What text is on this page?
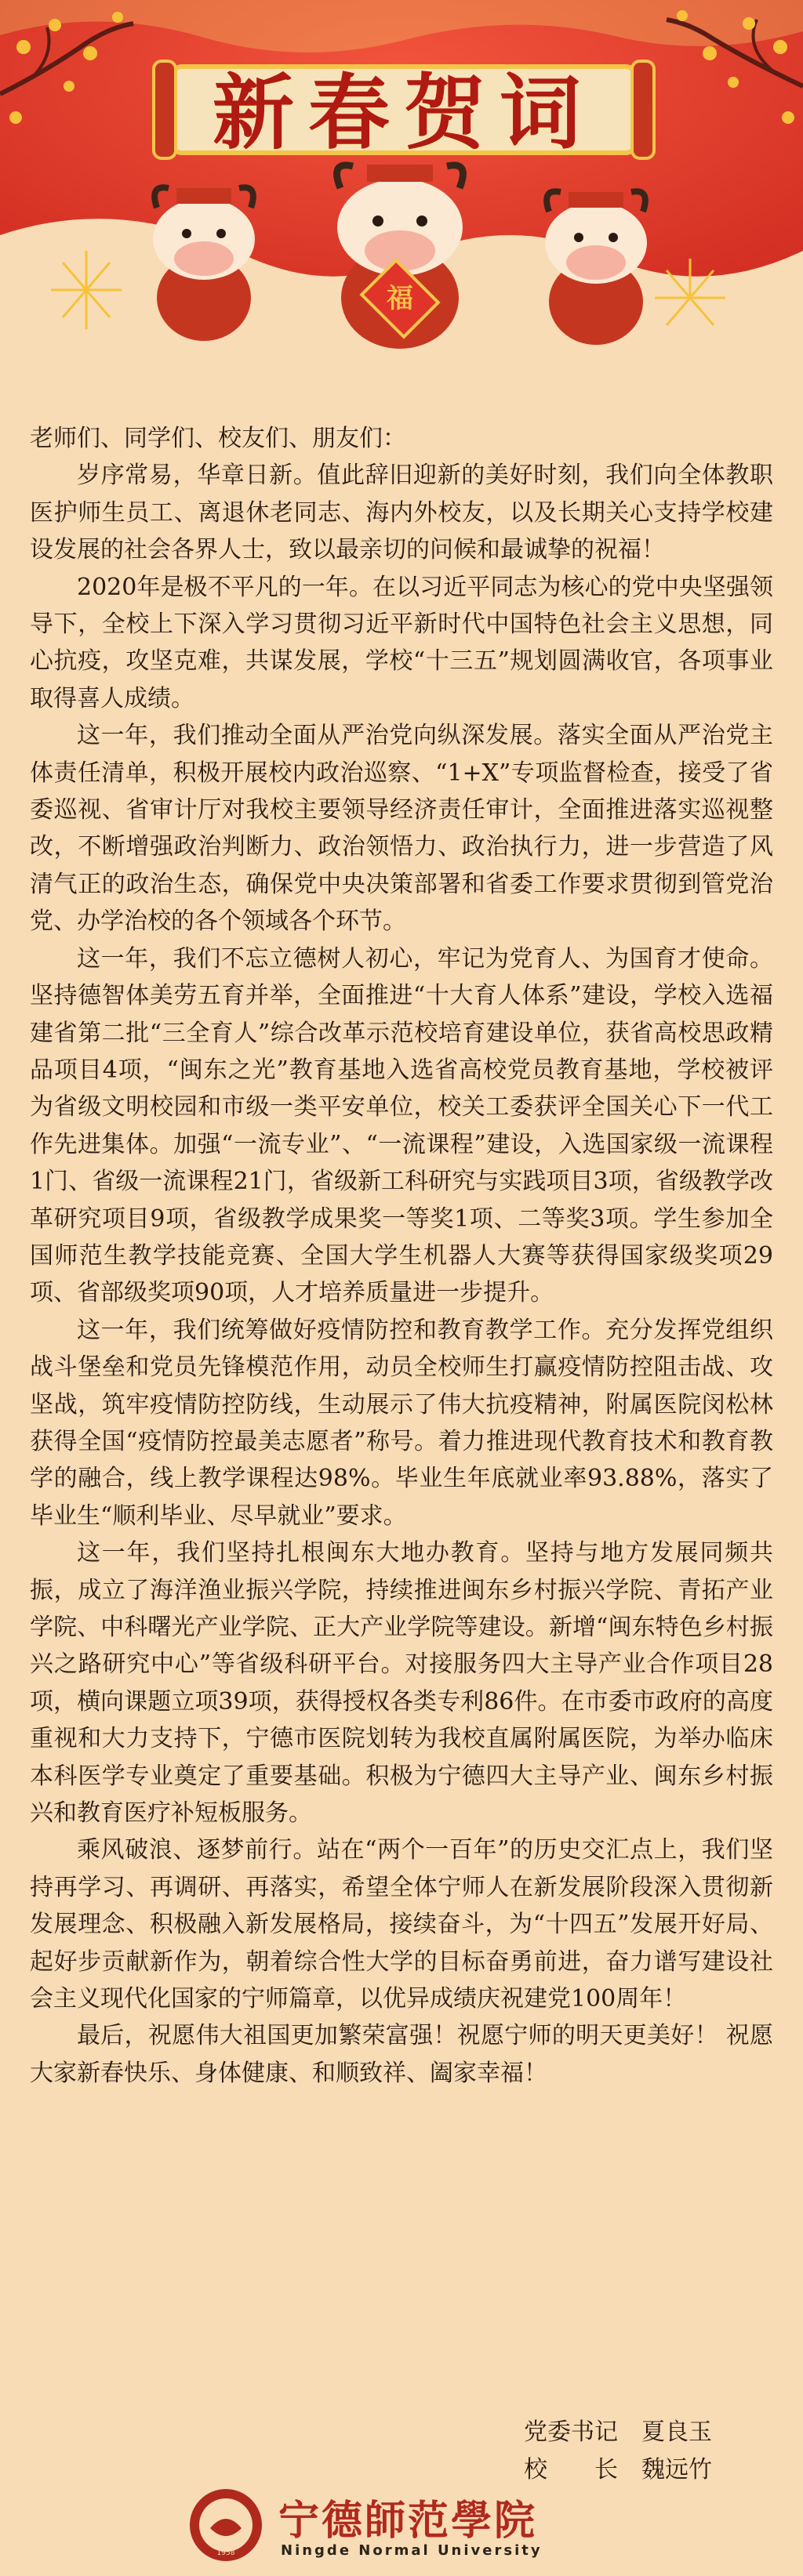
福
新春贺词

老师们、同学们、校友们、朋友们：

岁序常易，华章日新。值此辞旧迎新的美好时刻，我们向全体教职医护师生员工、离退休老同志、海内外校友，以及长期关心支持学校建设发展的社会各界人士，致以最亲切的问候和最诚挚的祝福！

2020年是极不平凡的一年。在以习近平同志为核心的党中央坚强领导下，全校上下深入学习贯彻习近平新时代中国特色社会主义思想，同心抗疫，攻坚克难，共谋发展，学校“十三五”规划圆满收官，各项事业取得喜人成绩。

这一年，我们推动全面从严治党向纵深发展。落实全面从严治党主体责任清单，积极开展校内政治巡察、“1+X”专项监督检查，接受了省委巡视、省审计厅对我校主要领导经济责任审计，全面推进落实巡视整改，不断增强政治判断力、政治领悟力、政治执行力，进一步营造了风清气正的政治生态，确保党中央决策部署和省委工作要求贯彻到管党治党、办学治校的各个领域各个环节。

这一年，我们不忘立德树人初心，牢记为党育人、为国育才使命。坚持德智体美劳五育并举，全面推进“十大育人体系”建设，学校入选福建省第二批“三全育人”综合改革示范校培育建设单位，获省高校思政精品项目4项，“闽东之光”教育基地入选省高校党员教育基地，学校被评为省级文明校园和市级一类平安单位，校关工委获评全国关心下一代工作先进集体。加强“一流专业”、“一流课程”建设，入选国家级一流课程1门、省级一流课程21门，省级新工科研究与实践项目3项，省级教学改革研究项目9项，省级教学成果奖一等奖1项、二等奖3项。学生参加全国师范生教学技能竞赛、全国大学生机器人大赛等获得国家级奖项29项、省部级奖项90项，人才培养质量进一步提升。

这一年，我们统筹做好疫情防控和教育教学工作。充分发挥党组织战斗堡垒和党员先锋模范作用，动员全校师生打赢疫情防控阻击战、攻坚战，筑牢疫情防控防线，生动展示了伟大抗疫精神，附属医院闵松林获得全国“疫情防控最美志愿者”称号。着力推进现代教育技术和教育教学的融合，线上教学课程达98%。毕业生年底就业率93.88%，落实了毕业生“顺利毕业、尽早就业”要求。

这一年，我们坚持扎根闽东大地办教育。坚持与地方发展同频共振，成立了海洋渔业振兴学院，持续推进闽东乡村振兴学院、青拓产业学院、中科曙光产业学院、正大产业学院等建设。新增“闽东特色乡村振兴之路研究中心”等省级科研平台。对接服务四大主导产业合作项目28项，横向课题立项39项，获得授权各类专利86件。在市委市政府的高度重视和大力支持下，宁德市医院划转为我校直属附属医院，为举办临床本科医学专业奠定了重要基础。积极为宁德四大主导产业、闽东乡村振兴和教育医疗补短板服务。

乘风破浪、逐梦前行。站在“两个一百年”的历史交汇点上，我们坚持再学习、再调研、再落实，希望全体宁师人在新发展阶段深入贯彻新发展理念、积极融入新发展格局，接续奋斗，为“十四五”发展开好局、起好步贡献新作为，朝着综合性大学的目标奋勇前进，奋力谱写建设社会主义现代化国家的宁师篇章，以优异成绩庆祝建党100周年！

最后，祝愿伟大祖国更加繁荣富强！祝愿宁师的明天更美好！ 祝愿大家新春快乐、身体健康、和顺致祥、阖家幸福！

党委书记　夏良玉
校　　长　魏远竹
1958
宁德師范學院
Ningde Normal University
